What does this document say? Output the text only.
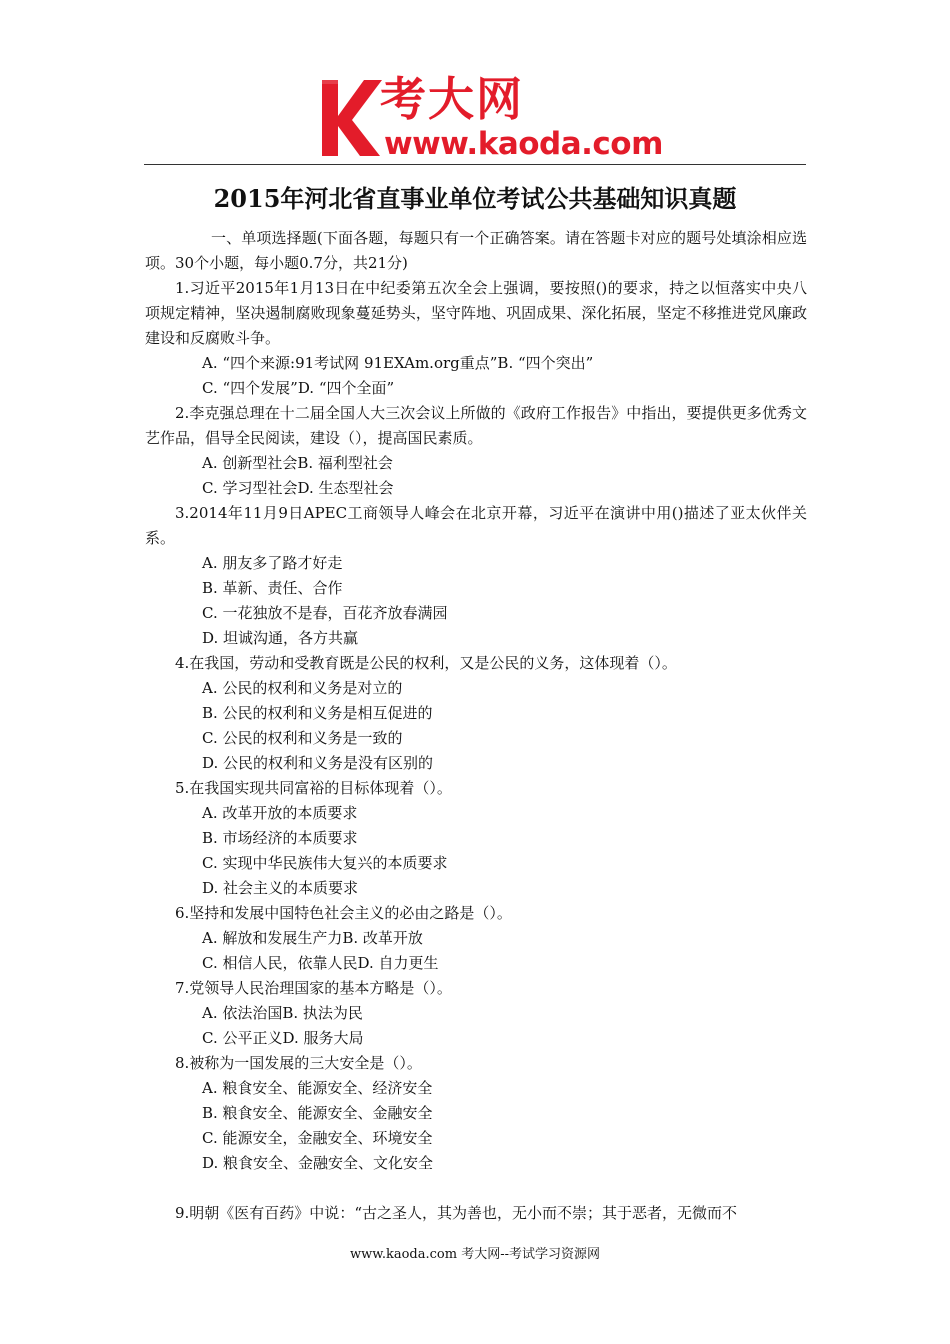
考大网
www.kaoda.com
2015年河北省直事业单位考试公共基础知识真题

一、单项选择题(下面各题，每题只有一个正确答案。请在答题卡对应的题号处填涂相应选项。30个小题，每小题0.7分，共21分)

1.习近平2015年1月13日在中纪委第五次全会上强调，要按照()的要求，持之以恒落实中央八项规定精神，坚决遏制腐败现象蔓延势头，坚守阵地、巩固成果、深化拓展，坚定不移推进党风廉政建设和反腐败斗争。

A. “四个来源:91考试网 91EXAm.org重点”B. “四个突出”

C. “四个发展”D. “四个全面”

2.李克强总理在十二届全国人大三次会议上所做的《政府工作报告》中指出，要提供更多优秀文艺作品，倡导全民阅读，建设（），提高国民素质。

A. 创新型社会B. 福利型社会

C. 学习型社会D. 生态型社会

3.2014年11月9日APEC工商领导人峰会在北京开幕，习近平在演讲中用()描述了亚太伙伴关系。

A. 朋友多了路才好走

B. 革新、责任、合作

C. 一花独放不是春，百花齐放春满园

D. 坦诚沟通，各方共赢

4.在我国，劳动和受教育既是公民的权利，又是公民的义务，这体现着（）。

A. 公民的权利和义务是对立的

B. 公民的权利和义务是相互促进的

C. 公民的权利和义务是一致的

D. 公民的权利和义务是没有区别的

5.在我国实现共同富裕的目标体现着（）。

A. 改革开放的本质要求

B. 市场经济的本质要求

C. 实现中华民族伟大复兴的本质要求

D. 社会主义的本质要求

6.坚持和发展中国特色社会主义的必由之路是（）。

A. 解放和发展生产力B. 改革开放

C. 相信人民，依靠人民D. 自力更生

7.党领导人民治理国家的基本方略是（）。

A. 依法治国B. 执法为民

C. 公平正义D. 服务大局

8.被称为一国发展的三大安全是（）。

A. 粮食安全、能源安全、经济安全

B. 粮食安全、能源安全、金融安全

C. 能源安全，金融安全、环境安全

D. 粮食安全、金融安全、文化安全

9.明朝《医有百药》中说：“古之圣人，其为善也，无小而不崇；其于恶者，无微而不

www.kaoda.com 考大网--考试学习资源网
